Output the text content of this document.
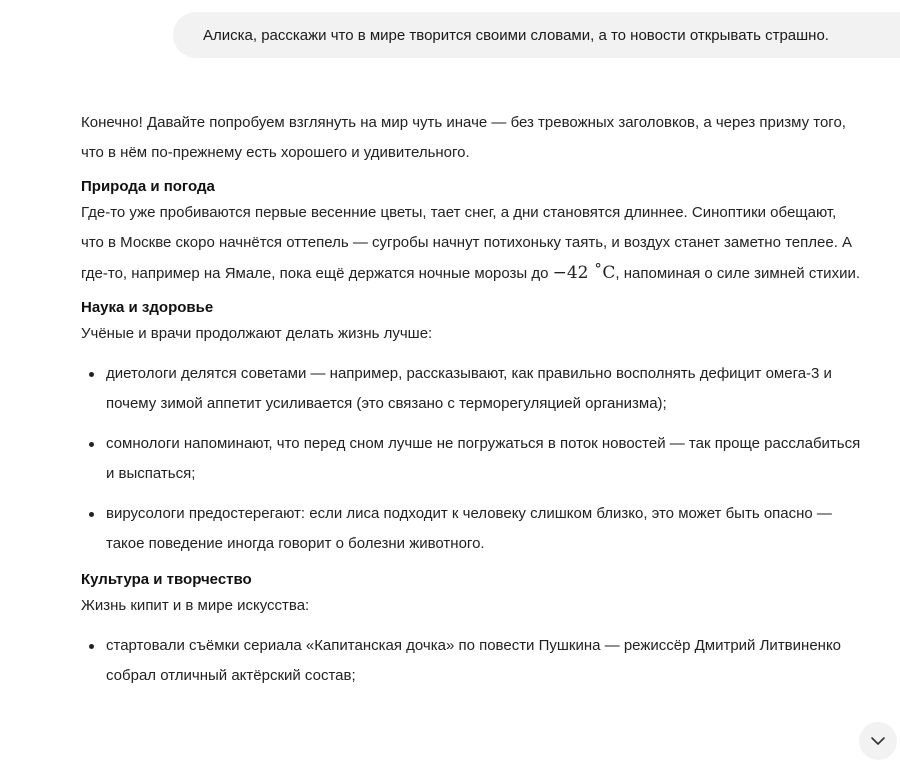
Алиска, расскажи что в мире творится своими словами, а то новости открывать страшно.

Конечно! Давайте попробуем взглянуть на мир чуть иначе — без тревожных заголовков, а через призму того, что в нём по-прежнему есть хорошего и удивительного.

Природа и погода

Где-то уже пробиваются первые весенние цветы, тает снег, а дни становятся длиннее. Синоптики обещают, что в Москве скоро начнётся оттепель — сугробы начнут потихоньку таять, и воздух станет заметно теплее. А где-то, например на Ямале, пока ещё держатся ночные морозы до −42 ˚C, напоминая о силе зимней стихии.

Наука и здоровье

Учёные и врачи продолжают делать жизнь лучше:

диетологи делятся советами — например, рассказывают, как правильно восполнять дефицит омега-3 и почему зимой аппетит усиливается (это связано с терморегуляцией организма);
сомнологи напоминают, что перед сном лучше не погружаться в поток новостей — так проще расслабиться и выспаться;
вирусологи предостерегают: если лиса подходит к человеку слишком близко, это может быть опасно — такое поведение иногда говорит о болезни животного.
Культура и творчество

Жизнь кипит и в мире искусства:

стартовали съёмки сериала «Капитанская дочка» по повести Пушкина — режиссёр Дмитрий Литвиненко собрал отличный актёрский состав;
